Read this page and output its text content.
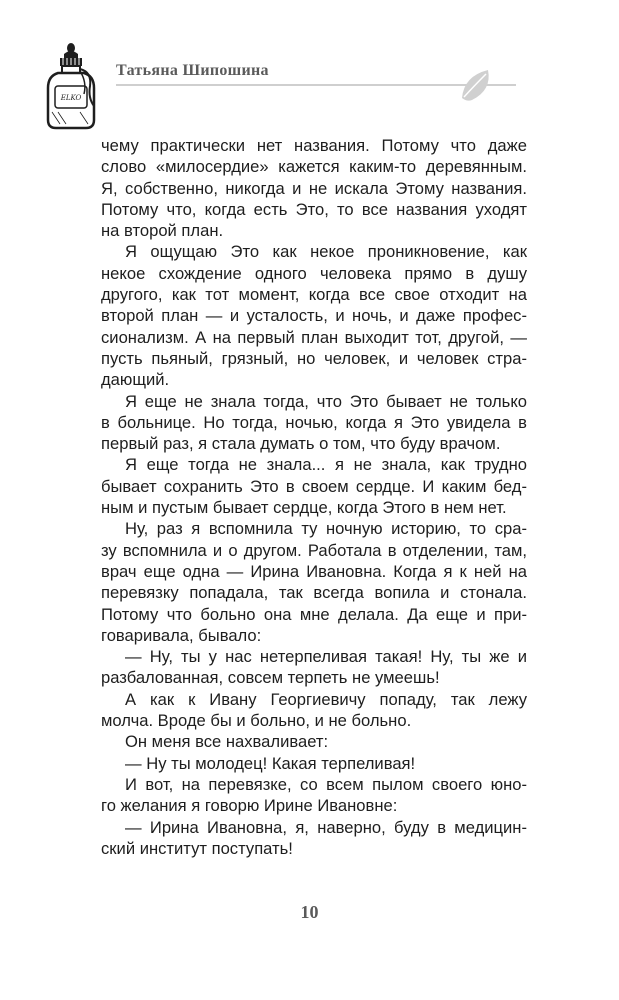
ELKO
Татьяна Шипошина
чему практически нет названия. Потому что даже
слово «милосердие» кажется каким-то деревянным.
Я, собственно, никогда и не искала Этому названия.
Потому что, когда есть Это, то все названия уходят
на второй план.
Я ощущаю Это как некое проникновение, как
некое схождение одного человека прямо в душу
другого, как тот момент, когда все свое отходит на
второй план — и усталость, и ночь, и даже профес-
сионализм. А на первый план выходит тот, другой, —
пусть пьяный, грязный, но человек, и человек стра-
дающий.
Я еще не знала тогда, что Это бывает не только
в больнице. Но тогда, ночью, когда я Это увидела в
первый раз, я стала думать о том, что буду врачом.
Я еще тогда не знала... я не знала, как трудно
бывает сохранить Это в своем сердце. И каким бед-
ным и пустым бывает сердце, когда Этого в нем нет.
Ну, раз я вспомнила ту ночную историю, то сра-
зу вспомнила и о другом. Работала в отделении, там,
врач еще одна — Ирина Ивановна. Когда я к ней на
перевязку попадала, так всегда вопила и стонала.
Потому что больно она мне делала. Да еще и при-
говаривала, бывало:
— Ну, ты у нас нетерпеливая такая! Ну, ты же и
разбалованная, совсем терпеть не умеешь!
А как к Ивану Георгиевичу попаду, так лежу
молча. Вроде бы и больно, и не больно.
Он меня все нахваливает:
— Ну ты молодец! Какая терпеливая!
И вот, на перевязке, со всем пылом своего юно-
го желания я говорю Ирине Ивановне:
— Ирина Ивановна, я, наверно, буду в медицин-
ский институт поступать!
10
